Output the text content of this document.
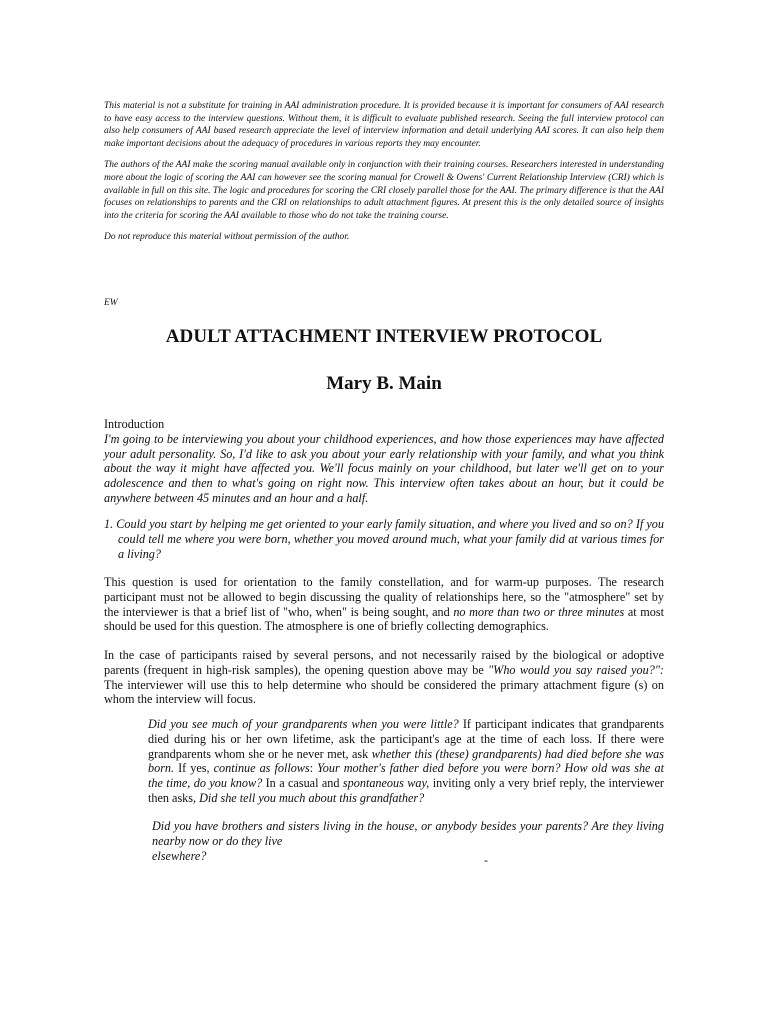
This material is not a substitute for training in AAI administration procedure. It is provided because it is important for consumers of AAI research to have easy access to the interview questions. Without them, it is difficult to evaluate published research. Seeing the full interview protocol can also help consumers of AAI based research appreciate the level of interview information and detail underlying AAI scores. It can also help them make important decisions about the adequacy of procedures in various reports they may encounter.

The authors of the AAI make the scoring manual available only in conjunction with their training courses. Researchers interested in understanding more about the logic of scoring the AAI can however see the scoring manual for Crowell & Owens' Current Relationship Interview (CRI) which is available in full on this site. The logic and procedures for scoring the CRI closely parallel those for the AAI. The primary difference is that the AAI focuses on relationships to parents and the CRI on relationships to adult attachment figures. At present this is the only detailed source of insights into the criteria for scoring the AAI available to those who do not take the training course.

Do not reproduce this material without permission of the author.

EW

ADULT ATTACHMENT INTERVIEW PROTOCOL
Mary B. Main

Introduction

I'm going to be interviewing you about your childhood experiences, and how those experiences may have affected your adult personality. So, I'd like to ask you about your early relationship with your family, and what you think about the way it might have affected you. We'll focus mainly on your childhood, but later we'll get on to your adolescence and then to what's going on right now. This interview often takes about an hour, but it could be anywhere between 45 minutes and an hour and a half.

1. Could you start by helping me get oriented to your early family situation, and where you lived and so on? If you could tell me where you were born, whether you moved around much, what your family did at various times for a living?

This question is used for orientation to the family constellation, and for warm-up purposes. The research participant must not be allowed to begin discussing the quality of relationships here, so the "atmosphere" set by the interviewer is that a brief list of "who, when" is being sought, and no more than two or three minutes at most should be used for this question. The atmosphere is one of briefly collecting demographics.

In the case of participants raised by several persons, and not necessarily raised by the biological or adoptive parents (frequent in high-risk samples), the opening question above may be "Who would you say raised you?": The interviewer will use this to help determine who should be considered the primary attachment figure (s) on whom the interview will focus.

Did you see much of your grandparents when you were little? If participant indicates that grandparents died during his or her own lifetime, ask the participant's age at the time of each loss. If there were grandparents whom she or he never met, ask whether this (these) grandparents) had died before she was born. If yes, continue as follows: Your mother's father died before you were born? How old was she at the time, do you know? In a casual and spontaneous way, inviting only a very brief reply, the interviewer then asks, Did she tell you much about this grandfather?

Did you have brothers and sisters living in the house, or anybody besides your parents? Are they living nearby now or do they live

elsewhere?	-
